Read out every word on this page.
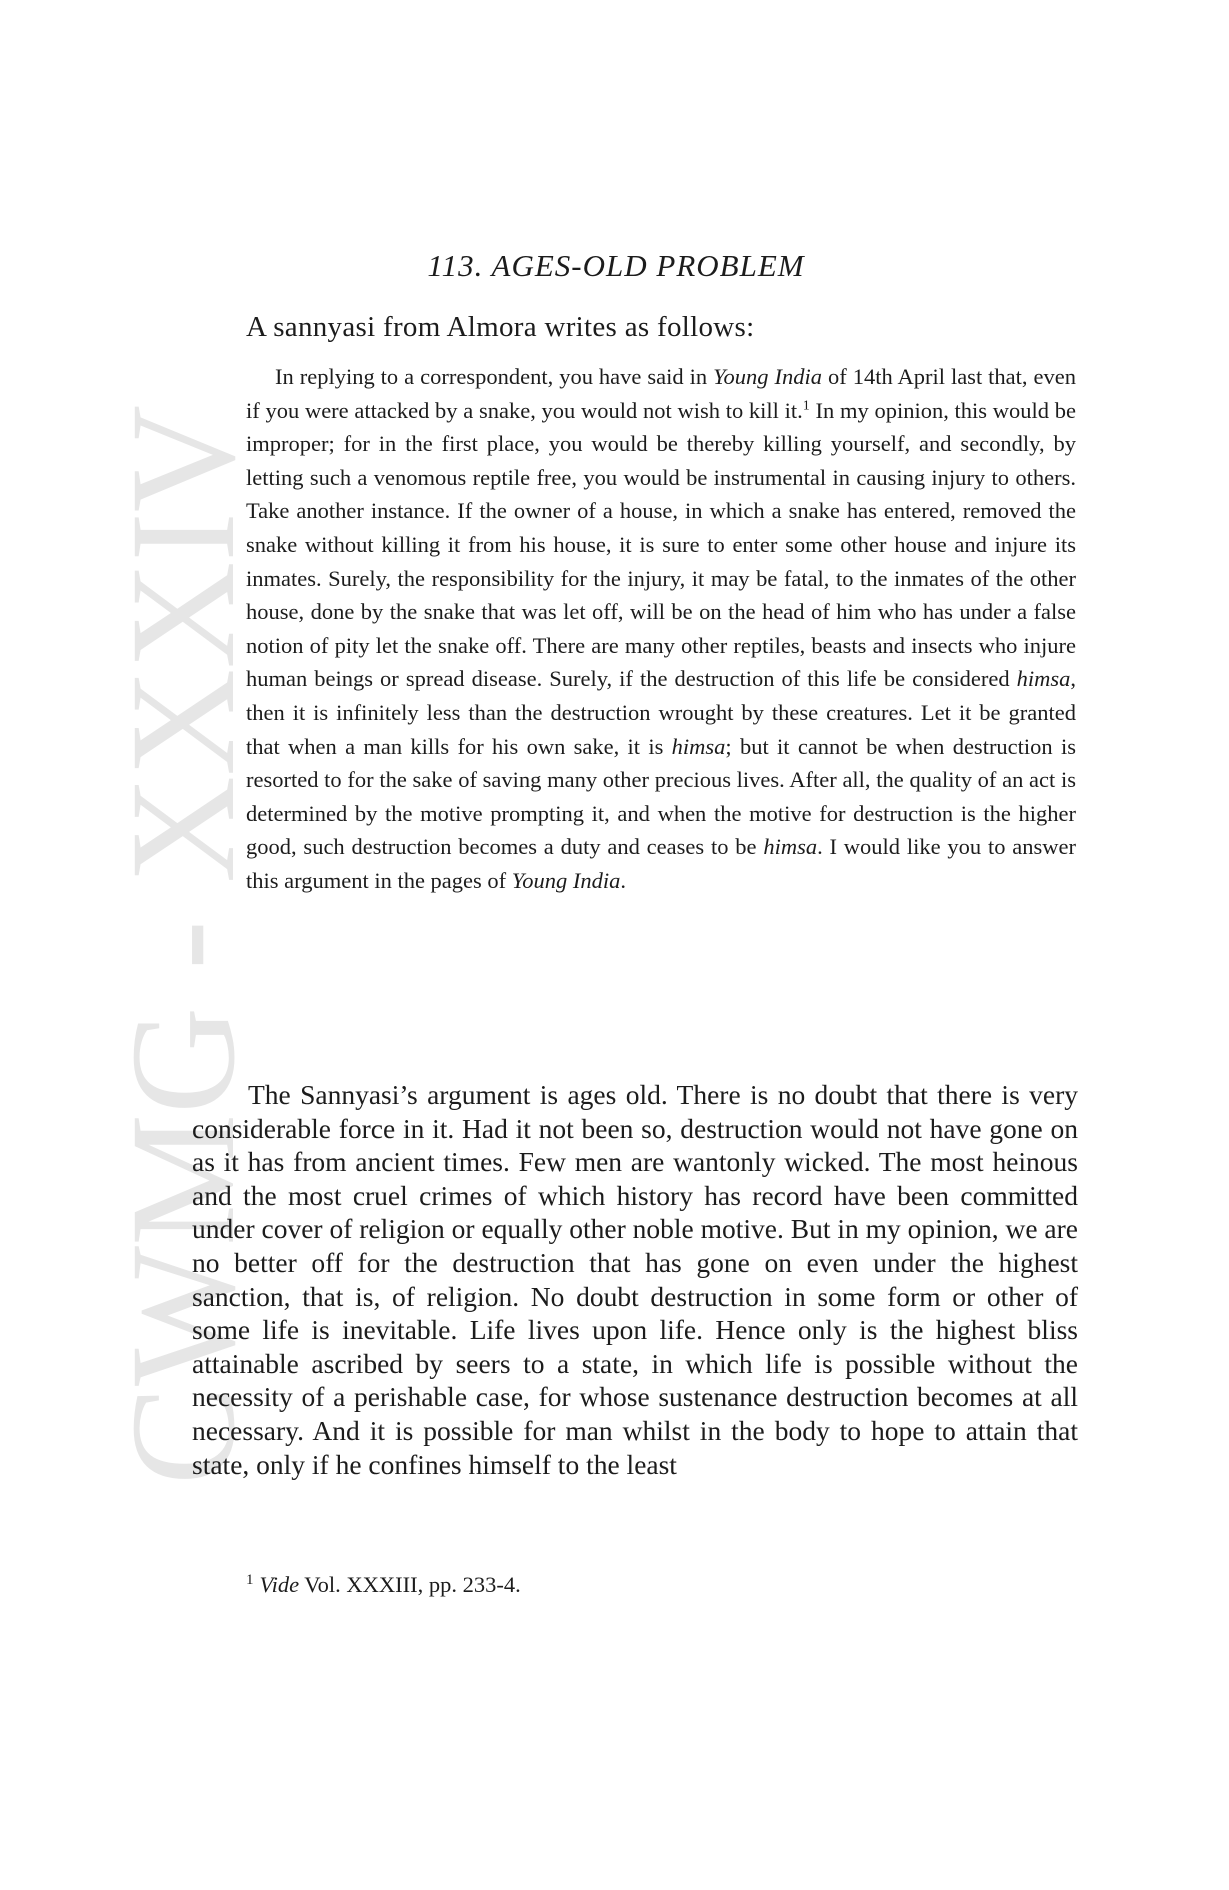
CWMG - XXXIV
113. AGES-OLD PROBLEM

A sannyasi from Almora writes as follows:

In replying to a correspondent, you have said in Young India of 14th April last that, even if you were attacked by a snake, you would not wish to kill it.$^1$ In my opinion, this would be improper; for in the first place, you would be thereby killing yourself, and secondly, by letting such a venomous reptile free, you would be instrumental in causing injury to others. Take another instance. If the owner of a house, in which a snake has entered, removed the snake without killing it from his house, it is sure to enter some other house and injure its inmates. Surely, the responsibility for the injury, it may be fatal, to the inmates of the other house, done by the snake that was let off, will be on the head of him who has under a false notion of pity let the snake off. There are many other reptiles, beasts and insects who injure human beings or spread disease. Surely, if the destruction of this life be considered himsa, then it is infinitely less than the destruction wrought by these creatures. Let it be granted that when a man kills for his own sake, it is himsa; but it cannot be when destruction is resorted to for the sake of saving many other precious lives. After all, the quality of an act is determined by the motive prompting it, and when the motive for destruction is the higher good, such destruction becomes a duty and ceases to be himsa. I would like you to answer this argument in the pages of Young India.

The Sannyasi’s argument is ages old. There is no doubt that there is very considerable force in it. Had it not been so, destruction would not have gone on as it has from ancient times. Few men are wantonly wicked. The most heinous and the most cruel crimes of which history has record have been committed under cover of religion or equally other noble motive. But in my opinion, we are no better off for the destruction that has gone on even under the highest sanction, that is, of religion. No doubt destruction in some form or other of some life is inevitable. Life lives upon life. Hence only is the highest bliss attainable ascribed by seers to a state, in which life is possible without the necessity of a perishable case, for whose sustenance destruction becomes at all necessary. And it is possible for man whilst in the body to hope to attain that state, only if he confines himself to the least

$^1$ Vide Vol. XXXIII, pp. 233-4.
